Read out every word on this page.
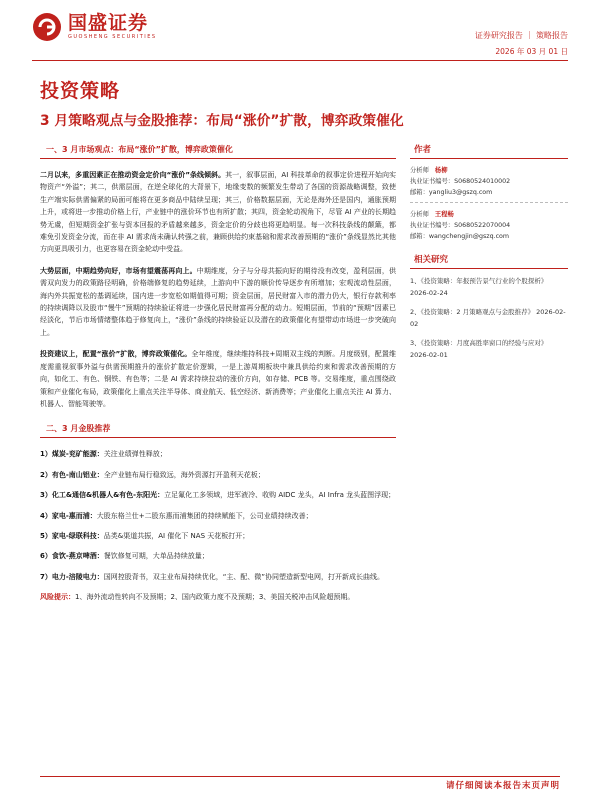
国盛证券
GUOSHENG SECURITIES	证券研究报告 ｜ 策略报告
2026 年 03 月 01 日
投资策略
3 月策略观点与金股推荐：布局“涨价”扩散，博弈政策催化
一、3 月市场观点：布局“涨价”扩散，博弈政策催化

二月以来，多重因素正在推动资金定价向“涨价”条线倾斜。其一，叙事层面，AI 科技革命的叙事定价进程开始向实物资产“外溢”；其二，供需层面，在逆全球化的大背景下，地缘变数的频繁发生带动了各国的资源战略调整，致使生产端实际供需偏紧的局面可能将在更多商品中陆续呈现；其三，价格数据层面，无论是海外还是国内，通胀预期上升，或将进一步推动价格上行，产业链中的涨价环节也有所扩散；其四，资金轮动视角下，尽管 AI 产业的长期趋势无虞，但短期资金扩张与资本回报的矛盾越来越多，资金定价的分歧也将更趋明显。每一次科技条线的颠簸，都难免引发资金分流，而在非 AI 需求尚未确认转强之前，兼顾供给约束基础和需求改善预期的“涨价”条线显然比其他方向更具吸引力，也更容易在资金轮动中受益。

大势层面，中期趋势向好，市场有望震荡再向上。中期维度，分子与分母共振向好的期待没有改变，盈利层面，供需双向发力的政策路径明确，价格端修复的趋势延续，上游向中下游的顺价传导逐步有所增加；宏观流动性层面，海内外共振宽松的基调延续，国内进一步宽松如期值得可期；资金层面，居民财富入市的潜力仍大，银行存款利率的持续调降以及股市“慢牛”预期的持续验证将进一步强化居民财富再分配的动力。短期层面，节前的“预期”因素已经淡化，节后市场情绪整体趋于修复向上，“涨价”条线的持续验证以及潜在的政策催化有望带动市场进一步突破向上。

投资建议上，配置“涨价”扩散，博弈政策催化。全年维度，继续维持科技+周期双主线的判断。月度级别，配置维度需重视叙事外溢与供需预期推升的涨价扩散定价逻辑，一是上游周期板块中兼具供给约束和需求改善预期的方向，如化工、有色、钢铁、有色等；二是 AI 需求持续拉动的涨价方向，如存储、PCB 等。交易维度，重点围绕政策和产业催化布局，政策催化上重点关注半导体、商业航天、低空经济、新消费等；产业催化上重点关注 AI 算力、机器人、智能驾驶等。

二、3 月金股推荐

1）煤炭-兖矿能源：关注业绩弹性释放；

2）有色-南山铝业：全产业链布局行稳致远，海外资源打开盈利天花板；

3）化工&通信&机器人&有色-东阳光：立足氟化工多领域，进军液冷、收购 AIDC 龙头，AI Infra 龙头蓝图浮现；

4）家电-惠而浦：大股东格兰仕+二股东惠而浦集团的持续赋能下，公司业绩持续改善；

5）家电-绿联科技：品类&渠道共振，AI 催化下 NAS 天花板打开；

6）食饮-燕京啤酒：餐饮修复可期，大单品持续放量；

7）电力-涪陵电力：国网控股背书，双主业布局持续优化，“主、配、微”协同塑造新型电网，打开新成长曲线。

风险提示：1、海外流动性转向不及预期；2、国内政策力度不及预期；3、美国关税冲击风险超预期。
作者
分析师 杨柳
执业证书编号：S0680524010002
邮箱：yangliu3@gszq.com
分析师 王程畅
执业证书编号：S0680522070004
邮箱：wangchengjin@gszq.com
相关研究
1、《投资策略：年报预告景气行业的个股探析》 2026-02-24
2、《投资策略：2 月策略观点与金股推荐》 2026-02-02
3、《投资策略：月度高胜率窗口的经验与应对》 2026-02-01
请仔细阅读本报告末页声明
